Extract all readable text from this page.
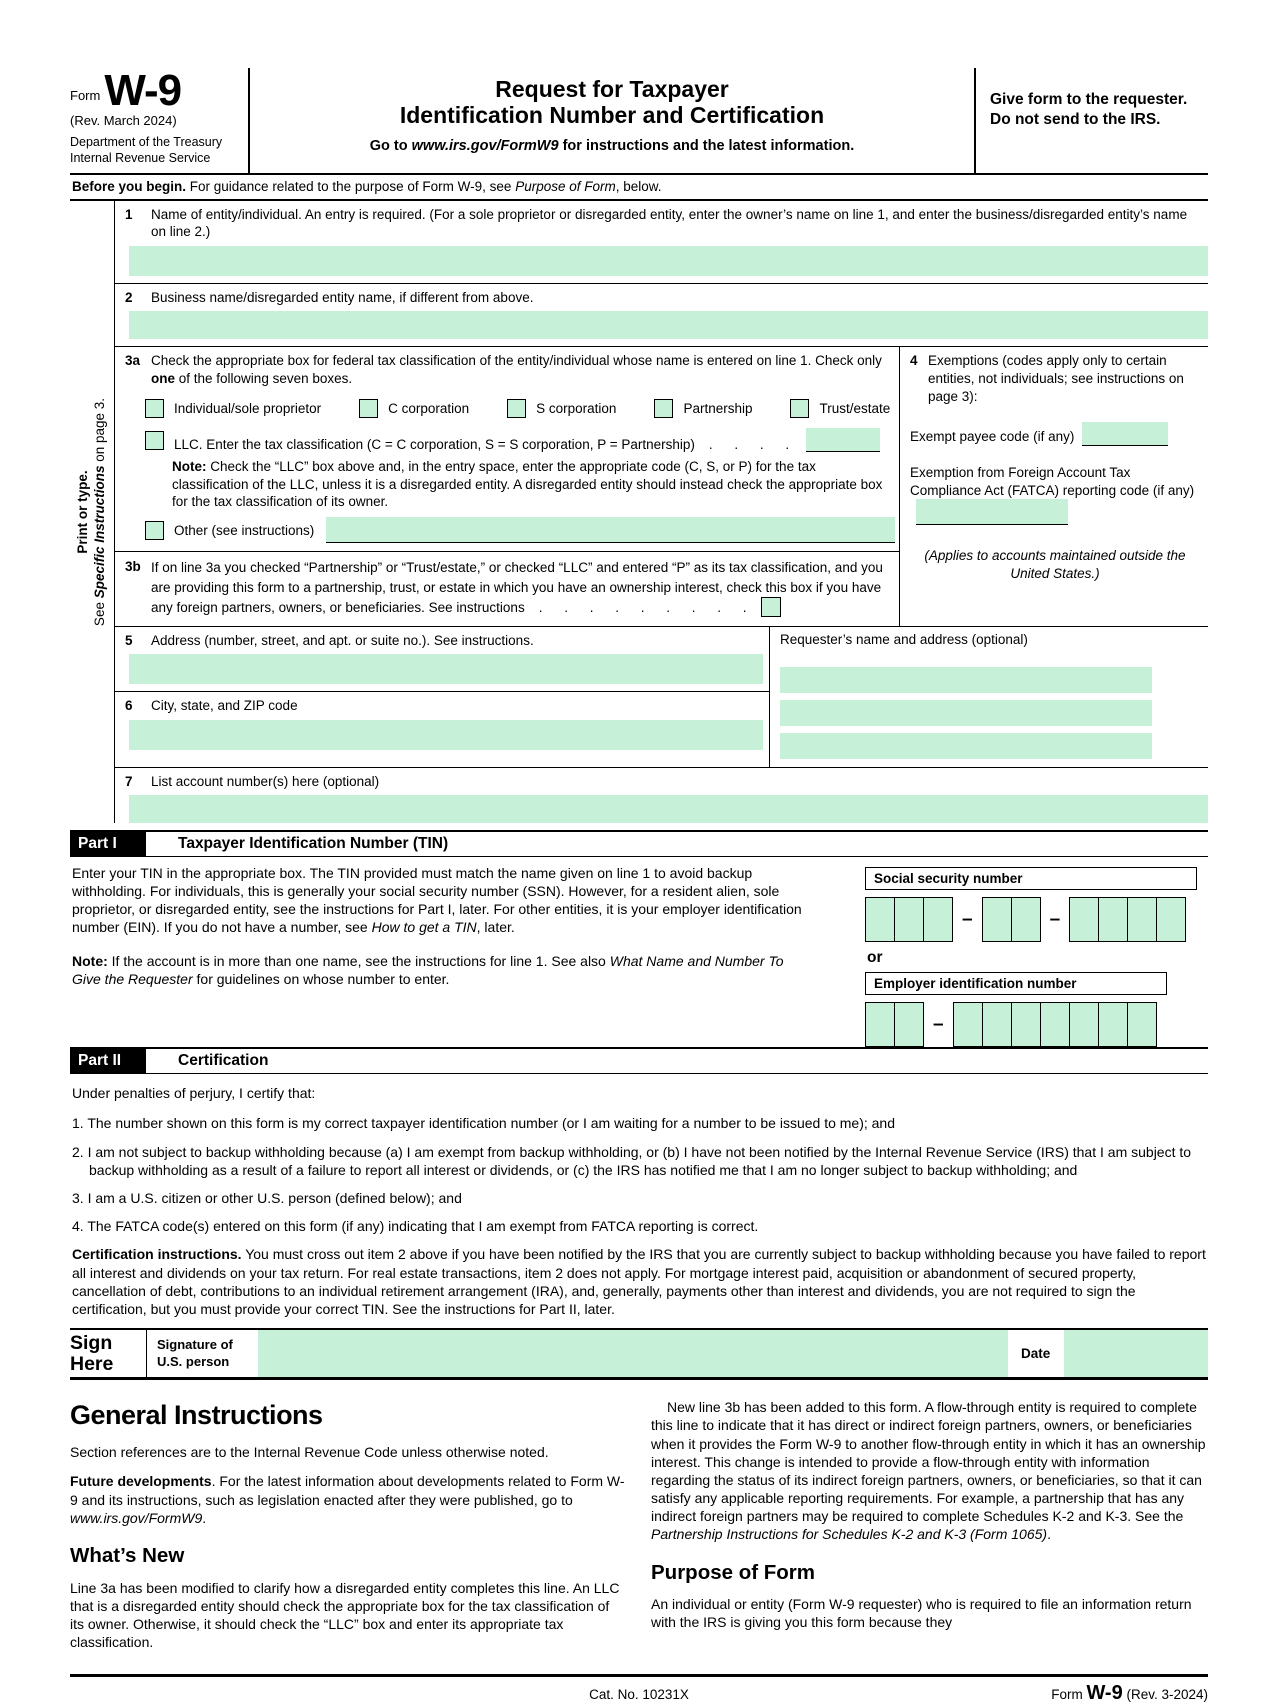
Form W-9
(Rev. March 2024)
Department of the Treasury
Internal Revenue Service
Request for Taxpayer
Identification Number and Certification
Go to www.irs.gov/FormW9 for instructions and the latest information.
Give form to the requester. Do not send to the IRS.
Before you begin. For guidance related to the purpose of Form W-9, see Purpose of Form, below.
Print or type.
See Specific Instructions on page 3.
1	Name of entity/individual. An entry is required. (For a sole proprietor or disregarded entity, enter the owner’s name on line 1, and enter the business/disregarded entity’s name on line 2.)
2	Business name/disregarded entity name, if different from above.
3a Check the appropriate box for federal tax classification of the entity/individual whose name is entered on line 1. Check only one of the following seven boxes.
Individual/sole proprietor	C corporation	S corporation	Partnership	Trust/estate
LLC. Enter the tax classification (C = C corporation, S = S corporation, P = Partnership) . . . .
Note: Check the “LLC” box above and, in the entry space, enter the appropriate code (C, S, or P) for the tax classification of the LLC, unless it is a disregarded entity. A disregarded entity should instead check the appropriate box for the tax classification of its owner.
Other (see instructions)
3b If on line 3a you checked “Partnership” or “Trust/estate,” or checked “LLC” and entered “P” as its tax classification, and you are providing this form to a partnership, trust, or estate in which you have an ownership interest, check this box if you have any foreign partners, owners, or beneficiaries. See instructions . . . . . . . . .
4 Exemptions (codes apply only to certain entities, not individuals; see instructions on page 3):
Exempt payee code (if any)
Exemption from Foreign Account Tax Compliance Act (FATCA) reporting code (if any)
(Applies to accounts maintained outside the United States.)
5	Address (number, street, and apt. or suite no.). See instructions.
6	City, state, and ZIP code
Requester’s name and address (optional)
7	List account number(s) here (optional)
Part I	Taxpayer Identification Number (TIN)
Enter your TIN in the appropriate box. The TIN provided must match the name given on line 1 to avoid backup withholding. For individuals, this is generally your social security number (SSN). However, for a resident alien, sole proprietor, or disregarded entity, see the instructions for Part I, later. For other entities, it is your employer identification number (EIN). If you do not have a number, see How to get a TIN, later.
Note: If the account is in more than one name, see the instructions for line 1. See also What Name and Number To Give the Requester for guidelines on whose number to enter.
Social security number
–	–
or
Employer identification number
–
Part II	Certification
Under penalties of perjury, I certify that:
1. The number shown on this form is my correct taxpayer identification number (or I am waiting for a number to be issued to me); and
2. I am not subject to backup withholding because (a) I am exempt from backup withholding, or (b) I have not been notified by the Internal Revenue Service (IRS) that I am subject to backup withholding as a result of a failure to report all interest or dividends, or (c) the IRS has notified me that I am no longer subject to backup withholding; and
3. I am a U.S. citizen or other U.S. person (defined below); and
4. The FATCA code(s) entered on this form (if any) indicating that I am exempt from FATCA reporting is correct.
Certification instructions. You must cross out item 2 above if you have been notified by the IRS that you are currently subject to backup withholding because you have failed to report all interest and dividends on your tax return. For real estate transactions, item 2 does not apply. For mortgage interest paid, acquisition or abandonment of secured property, cancellation of debt, contributions to an individual retirement arrangement (IRA), and, generally, payments other than interest and dividends, you are not required to sign the certification, but you must provide your correct TIN. See the instructions for Part II, later.
Sign
Here
Signature of
U.S. person
Date
General Instructions

Section references are to the Internal Revenue Code unless otherwise noted.

Future developments. For the latest information about developments related to Form W-9 and its instructions, such as legislation enacted after they were published, go to www.irs.gov/FormW9.

What’s New

Line 3a has been modified to clarify how a disregarded entity completes this line. An LLC that is a disregarded entity should check the appropriate box for the tax classification of its owner. Otherwise, it should check the “LLC” box and enter its appropriate tax classification.

New line 3b has been added to this form. A flow-through entity is required to complete this line to indicate that it has direct or indirect foreign partners, owners, or beneficiaries when it provides the Form W-9 to another flow-through entity in which it has an ownership interest. This change is intended to provide a flow-through entity with information regarding the status of its indirect foreign partners, owners, or beneficiaries, so that it can satisfy any applicable reporting requirements. For example, a partnership that has any indirect foreign partners may be required to complete Schedules K-2 and K-3. See the Partnership Instructions for Schedules K-2 and K-3 (Form 1065).

Purpose of Form

An individual or entity (Form W-9 requester) who is required to file an information return with the IRS is giving you this form because they

Cat. No. 10231X	Form W-9 (Rev. 3-2024)
